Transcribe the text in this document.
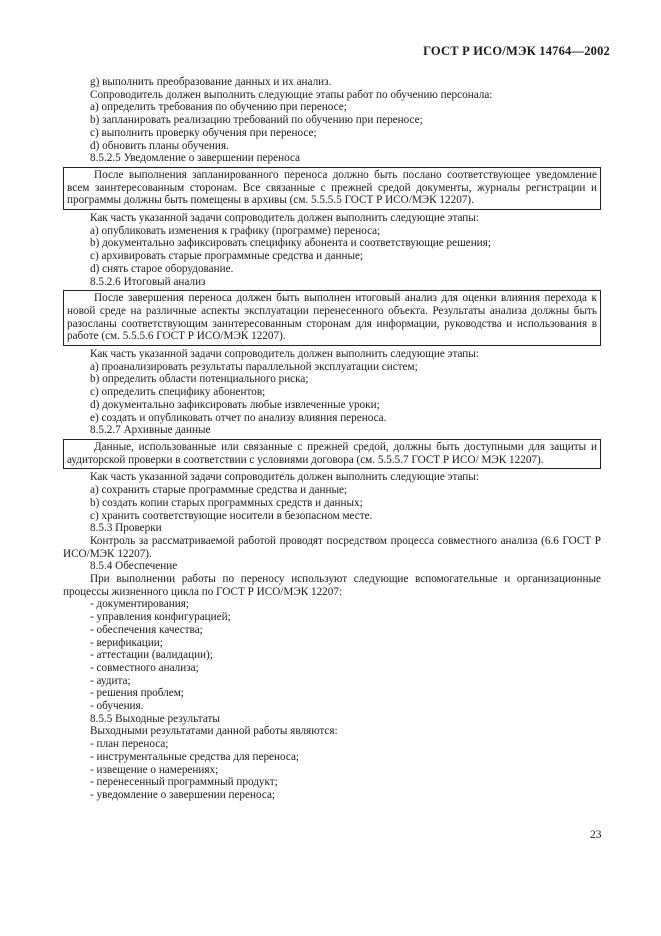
ГОСТ Р ИСО/МЭК 14764—2002
g) выполнить преобразование данных и их анализ.
Сопроводитель должен выполнить следующие этапы работ по обучению персонала:
a) определить требования по обучению при переносе;
b) запланировать реализацию требований по обучению при переносе;
c) выполнить проверку обучения при переносе;
d) обновить планы обучения.
8.5.2.5 Уведомление о завершении переноса

После выполнения запланированного переноса должно быть послано соответствующее уведомление всем заинтересованным сторонам. Все связанные с прежней средой документы, журналы регистрации и программы должны быть помещены в архивы (см. 5.5.5.5 ГОСТ Р ИСО/МЭК 12207).

Как часть указанной задачи сопроводитель должен выполнить следующие этапы:
a) опубликовать изменения к графику (программе) переноса;
b) документально зафиксировать специфику абонента и соответствующие решения;
c) архивировать старые программные средства и данные;
d) снять старое оборудование.
8.5.2.6 Итоговый анализ

После завершения переноса должен быть выполнен итоговый анализ для оценки влияния перехода к новой среде на различные аспекты эксплуатации перенесенного объекта. Результаты анализа должны быть разосланы соответствующим заинтересованным сторонам для информации, руководства и использования в работе (см. 5.5.5.6 ГОСТ Р ИСО/МЭК 12207).

Как часть указанной задачи сопроводитель должен выполнить следующие этапы:
a) проанализировать результаты параллельной эксплуатации систем;
b) определить области потенциального риска;
c) определить специфику абонентов;
d) документально зафиксировать любые извлеченные уроки;
e) создать и опубликовать отчет по анализу влияния переноса.
8.5.2.7 Архивные данные

Данные, использованные или связанные с прежней средой, должны быть доступными для защиты и аудиторской проверки в соответствии с условиями договора (см. 5.5.5.7 ГОСТ Р ИСО/ МЭК 12207).

Как часть указанной задачи сопроводитель должен выполнить следующие этапы:
a) сохранить старые программные средства и данные;
b) создать копии старых программных средств и данных;
c) хранить соответствующие носители в безопасном месте.
8.5.3 Проверки
Контроль за рассматриваемой работой проводят посредством процесса совместного анализа (6.6 ГОСТ Р ИСО/МЭК 12207).
8.5.4 Обеспечение
При выполнении работы по переносу используют следующие вспомогательные и организационные процессы жизненного цикла по ГОСТ Р ИСО/МЭК 12207:
- документирования;
- управления конфигурацией;
- обеспечения качества;
- верификации;
- аттестации (валидации);
- совместного анализа;
- аудита;
- решения проблем;
- обучения.
8.5.5 Выходные результаты
Выходными результатами данной работы являются:
- план переноса;
- инструментальные средства для переноса;
- извещение о намерениях;
- перенесенный программный продукт;
- уведомление о завершении переноса;
23
